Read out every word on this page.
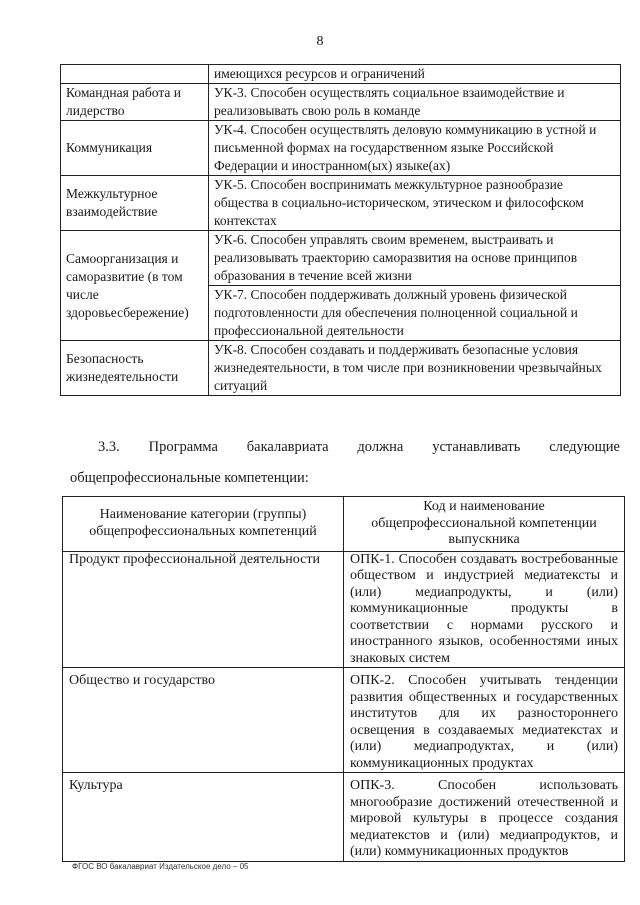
8
	имеющихся ресурсов и ограничений
Командная работа и лидерство	УК-3. Способен осуществлять социальное взаимодействие и реализовывать свою роль в команде
Коммуникация	УК-4. Способен осуществлять деловую коммуникацию в устной и письменной формах на государственном языке Российской Федерации и иностранном(ых) языке(ах)
Межкультурное взаимодействие	УК-5. Способен воспринимать межкультурное разнообразие общества в социально-историческом, этическом и философском контекстах
Самоорганизация и саморазвитие (в том числе здоровьесбережение)	УК-6. Способен управлять своим временем, выстраивать и реализовывать траекторию саморазвития на основе принципов образования в течение всей жизни
	УК-7. Способен поддерживать должный уровень физической подготовленности для обеспечения полноценной социальной и профессиональной деятельности
Безопасность жизнедеятельности	УК-8. Способен создавать и поддерживать безопасные условия жизнедеятельности, в том числе при возникновении чрезвычайных ситуаций
3.3. Программа бакалавриата должна устанавливать следующие
общепрофессиональные компетенции:
Наименование категории (группы) общепрофессиональных компетенций	Код и наименование общепрофессиональной компетенции выпускника
Продукт профессиональной деятельности	ОПК-1. Способен создавать востребованные обществом и индустрией медиатексты и (или) медиапродукты, и (или) коммуникационные продукты в соответствии с нормами русского и иностранного языков, особенностями иных знаковых систем
Общество и государство	ОПК-2. Способен учитывать тенденции развития общественных и государственных институтов для их разностороннего освещения в создаваемых медиатекстах и (или) медиапродуктах, и (или) коммуникационных продуктах
Культура	ОПК-3. Способен использовать многообразие достижений отечественной и мировой культуры в процессе создания медиатекстов и (или) медиапродуктов, и (или) коммуникационных продуктов
ФГОС ВО бакалавриат Издательское дело – 05
